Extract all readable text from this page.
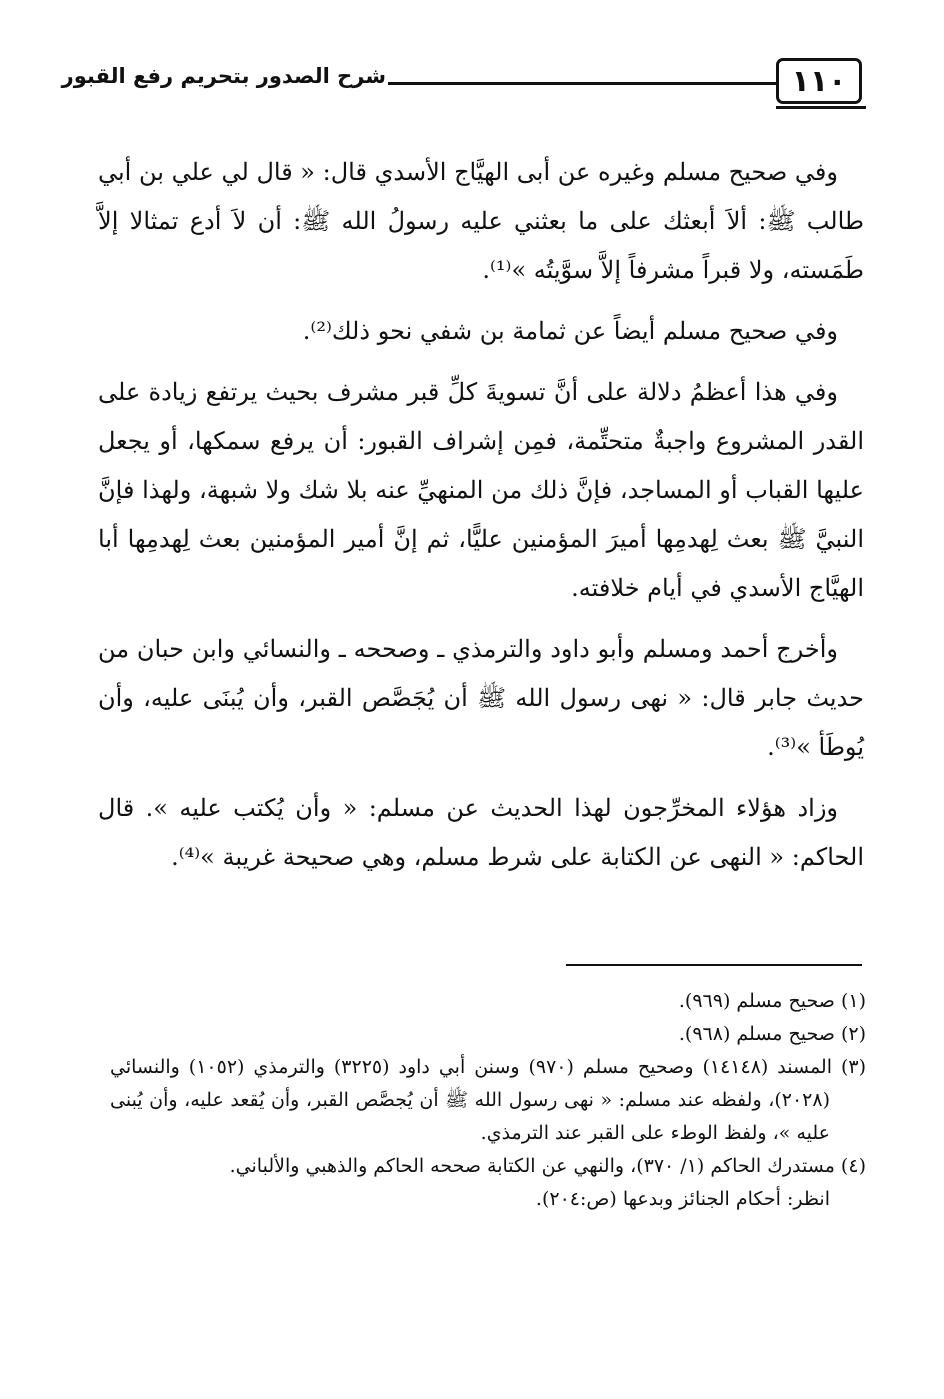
١١٠
شرح الصدور بتحريم رفع القبور

وفي صحيح مسلم وغيره عن أبى الهيَّاج الأسدي قال: « قال لي علي بن أبي طالب ﷺ: ألاَ أبعثك على ما بعثني عليه رسولُ الله ﷺ: أن لاَ أدع تمثالا إلاَّ طَمَسته، ولا قبراً مشرفاً إلاَّ سوَّيتُه »⁽¹⁾.

وفي صحيح مسلم أيضاً عن ثمامة بن شفي نحو ذلك⁽²⁾.

وفي هذا أعظمُ دلالة على أنَّ تسويةَ كلِّ قبر مشرف بحيث يرتفع زيادة على القدر المشروع واجبةٌ متحتِّمة، فمِن إشراف القبور: أن يرفع سمكها، أو يجعل عليها القباب أو المساجد، فإنَّ ذلك من المنهيِّ عنه بلا شك ولا شبهة، ولهذا فإنَّ النبيَّ ﷺ بعث لِهدمِها أميرَ المؤمنين عليًّا، ثم إنَّ أمير المؤمنين بعث لِهدمِها أبا الهيَّاج الأسدي في أيام خلافته.

وأخرج أحمد ومسلم وأبو داود والترمذي ـ وصححه ـ والنسائي وابن حبان من حديث جابر قال: « نهى رسول الله ﷺ أن يُجَصَّص القبر، وأن يُبنَى عليه، وأن يُوطَأ »⁽³⁾.

وزاد هؤلاء المخرِّجون لهذا الحديث عن مسلم: « وأن يُكتب عليه ». قال الحاكم: « النهى عن الكتابة على شرط مسلم، وهي صحيحة غريبة »⁽⁴⁾.

(١) صحيح مسلم (٩٦٩).

(٢) صحيح مسلم (٩٦٨).

(٣) المسند (١٤١٤٨) وصحيح مسلم (٩٧٠) وسنن أبي داود (٣٢٢٥) والترمذي (١٠٥٢) والنسائي (٢٠٢٨)، ولفظه عند مسلم: « نهى رسول الله ﷺ أن يُجصَّص القبر، وأن يُقعد عليه، وأن يُبنى عليه »، ولفظ الوطء على القبر عند الترمذي.

(٤) مستدرك الحاكم (١/ ٣٧٠)، والنهي عن الكتابة صححه الحاكم والذهبي والألباني.

انظر: أحكام الجنائز وبدعها (ص:٢٠٤).
